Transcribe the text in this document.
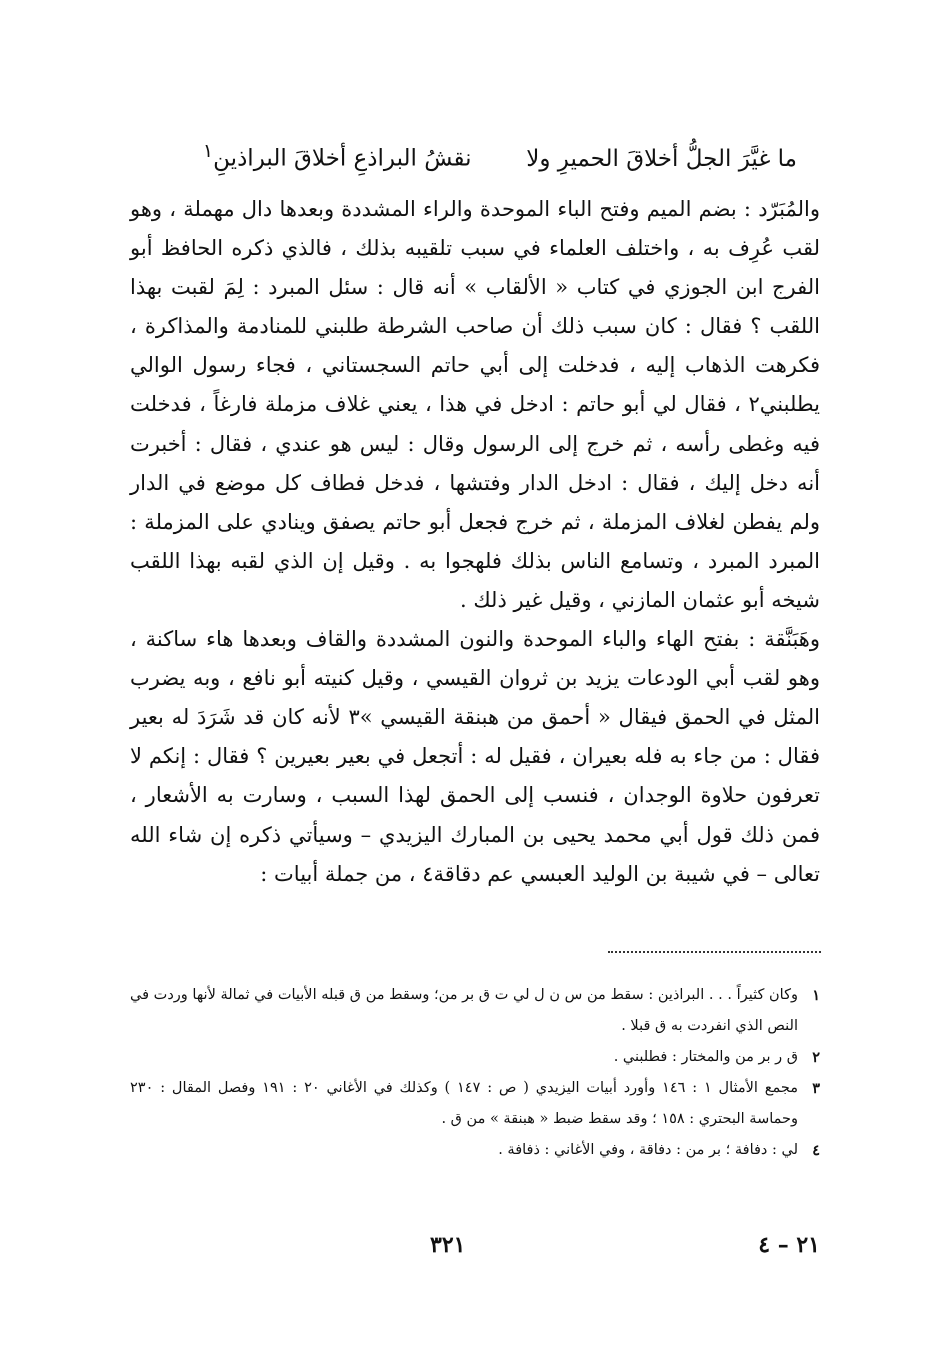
ما غيَّرَ الجلُّ أخلاقَ الحميرِ ولا  نقشُ البراذعِ أخلاقَ البراذينِ$^١$

والمُبَرّد : بضم الميم وفتح الباء الموحدة والراء المشددة وبعدها دال مهملة ، وهو لقب عُرِف به ، واختلف العلماء في سبب تلقيبه بذلك ، فالذي ذكره الحافظ أبو الفرج ابن الجوزي في كتاب « الألقاب » أنه قال : سئل المبرد : لِمَ لقبت بهذا اللقب ؟ فقال : كان سبب ذلك أن صاحب الشرطة طلبني للمنادمة والمذاكرة ، فكرهت الذهاب إليه ، فدخلت إلى أبي حاتم السجستاني ، فجاء رسول الوالي يطلبني٢ ، فقال لي أبو حاتم : ادخل في هذا ، يعني غلاف مزملة فارغاً ، فدخلت فيه وغطى رأسه ، ثم خرج إلى الرسول وقال : ليس هو عندي ، فقال : أخبرت أنه دخل إليك ، فقال : ادخل الدار وفتشها ، فدخل فطاف كل موضع في الدار ولم يفطن لغلاف المزملة ، ثم خرج فجعل أبو حاتم يصفق وينادي على المزملة : المبرد المبرد ، وتسامع الناس بذلك فلهجوا به . وقيل إن الذي لقبه بهذا اللقب شيخه أبو عثمان المازني ، وقيل غير ذلك .

وهَبَنَّقة : بفتح الهاء والباء الموحدة والنون المشددة والقاف وبعدها هاء ساكنة ، وهو لقب أبي الودعات يزيد بن ثروان القيسي ، وقيل كنيته أبو نافع ، وبه يضرب المثل في الحمق فيقال « أحمق من هبنقة القيسي »٣ لأنه كان قد شَرَدَ له بعير فقال : من جاء به فله بعيران ، فقيل له : أتجعل في بعير بعيرين ؟ فقال : إنكم لا تعرفون حلاوة الوجدان ، فنسب إلى الحمق لهذا السبب ، وسارت به الأشعار ، فمن ذلك قول أبي محمد يحيى بن المبارك اليزيدي – وسيأتي ذكره إن شاء الله تعالى – في شيبة بن الوليد العبسي عم دقاقة٤ ، من جملة أبيات :

١
وكان كثيراً . . . البراذين : سقط من س ن ل لي ت ق بر من؛ وسقط من ق قبله الأبيات في ثمالة لأنها وردت في النص الذي انفردت به ق قبلا .
٢
ق ر بر من والمختار : فطلبني .
٣
مجمع الأمثال ١ : ١٤٦ وأورد أبيات اليزيدي ( ص : ١٤٧ ) وكذلك في الأغاني ٢٠ : ١٩١ وفصل المقال : ٢٣٠ وحماسة البحتري : ١٥٨ ؛ وقد سقط ضبط « هبنقة » من ق .
٤
لي : دفافة ؛ بر من : دفاقة ، وفي الأغاني : ذفافة .
٢١ – ٤
٣٢١
